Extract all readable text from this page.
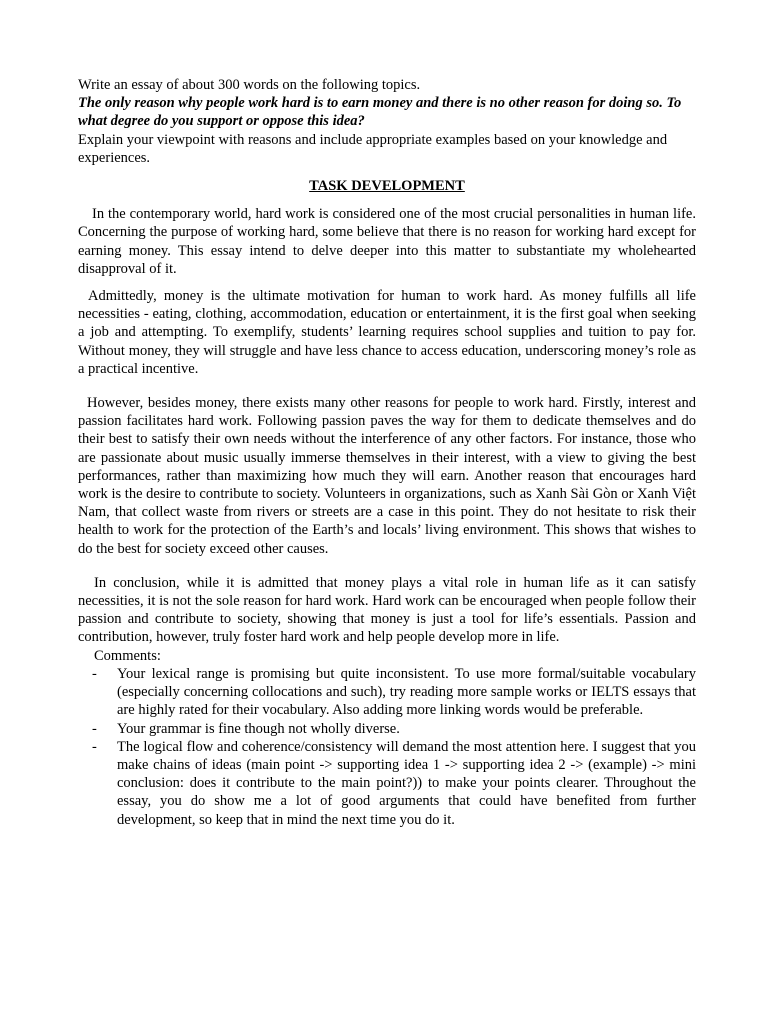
Write an essay of about 300 words on the following topics.

The only reason why people work hard is to earn money and there is no other reason for doing so. To what degree do you support or oppose this idea?

Explain your viewpoint with reasons and include appropriate examples based on your knowledge and experiences.

TASK DEVELOPMENT

In the contemporary world, hard work is considered one of the most crucial personalities in human life. Concerning the purpose of working hard, some believe that there is no reason for working hard except for earning money. This essay intend to delve deeper into this matter to substantiate my wholehearted disapproval of it.

Admittedly, money is the ultimate motivation for human to work hard. As money fulfills all life necessities - eating, clothing, accommodation, education or entertainment, it is the first goal when seeking a job and attempting. To exemplify, students’ learning requires school supplies and tuition to pay for. Without money, they will struggle and have less chance to access education, underscoring money’s role as a practical incentive.

However, besides money, there exists many other reasons for people to work hard. Firstly, interest and passion facilitates hard work. Following passion paves the way for them to dedicate themselves and do their best to satisfy their own needs without the interference of any other factors. For instance, those who are passionate about music usually immerse themselves in their interest, with a view to giving the best performances, rather than maximizing how much they will earn. Another reason that encourages hard work is the desire to contribute to society. Volunteers in organizations, such as Xanh Sài Gòn or Xanh Việt Nam, that collect waste from rivers or streets are a case in this point. They do not hesitate to risk their health to work for the protection of the Earth’s and locals’ living environment. This shows that wishes to do the best for society exceed other causes.

In conclusion, while it is admitted that money plays a vital role in human life as it can satisfy necessities, it is not the sole reason for hard work. Hard work can be encouraged when people follow their passion and contribute to society, showing that money is just a tool for life’s essentials. Passion and contribution, however, truly foster hard work and help people develop more in life.

Comments:

- Your lexical range is promising but quite inconsistent. To use more formal/suitable vocabulary (especially concerning collocations and such), try reading more sample works or IELTS essays that are highly rated for their vocabulary. Also adding more linking words would be preferable.
- Your grammar is fine though not wholly diverse.
- The logical flow and coherence/consistency will demand the most attention here. I suggest that you make chains of ideas (main point -> supporting idea 1 -> supporting idea 2 -> (example) -> mini conclusion: does it contribute to the main point?)) to make your points clearer. Throughout the essay, you do show me a lot of good arguments that could have benefited from further development, so keep that in mind the next time you do it.
